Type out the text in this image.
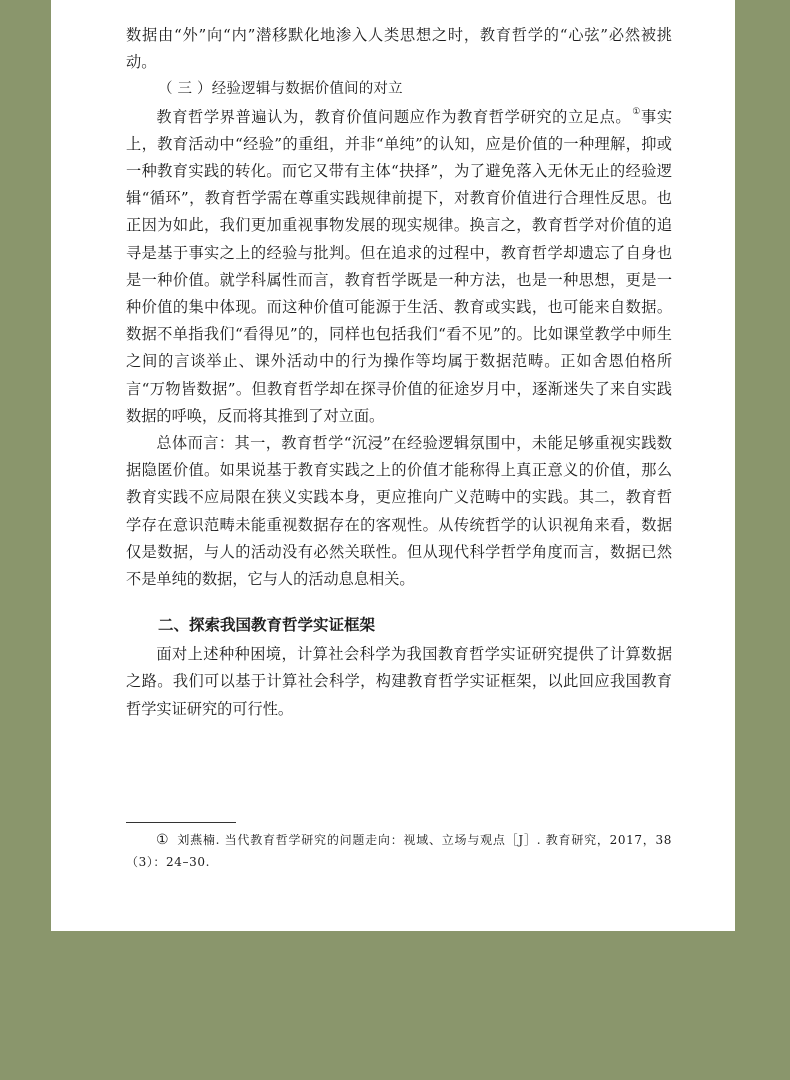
数据由“外”向“内”潜移默化地渗入人类思想之时，教育哲学的“心弦”必然被挑动。

（ 三 ）经验逻辑与数据价值间的对立

教育哲学界普遍认为，教育价值问题应作为教育哲学研究的立足点。①事实上，教育活动中“经验”的重组，并非“单纯”的认知，应是价值的一种理解，抑或一种教育实践的转化。而它又带有主体“抉择”，为了避免落入无休无止的经验逻辑“循环”，教育哲学需在尊重实践规律前提下，对教育价值进行合理性反思。也正因为如此，我们更加重视事物发展的现实规律。换言之，教育哲学对价值的追寻是基于事实之上的经验与批判。但在追求的过程中，教育哲学却遗忘了自身也是一种价值。就学科属性而言，教育哲学既是一种方法，也是一种思想，更是一种价值的集中体现。而这种价值可能源于生活、教育或实践，也可能来自数据。数据不单指我们“看得见”的，同样也包括我们“看不见”的。比如课堂教学中师生之间的言谈举止、课外活动中的行为操作等均属于数据范畴。正如舍恩伯格所言“万物皆数据”。但教育哲学却在探寻价值的征途岁月中，逐渐迷失了来自实践数据的呼唤，反而将其推到了对立面。

总体而言：其一，教育哲学“沉浸”在经验逻辑氛围中，未能足够重视实践数据隐匿价值。如果说基于教育实践之上的价值才能称得上真正意义的价值，那么教育实践不应局限在狭义实践本身，更应推向广义范畴中的实践。其二，教育哲学存在意识范畴未能重视数据存在的客观性。从传统哲学的认识视角来看，数据仅是数据，与人的活动没有必然关联性。但从现代科学哲学角度而言，数据已然不是单纯的数据，它与人的活动息息相关。

二、探索我国教育哲学实证框架

面对上述种种困境，计算社会科学为我国教育哲学实证研究提供了计算数据之路。我们可以基于计算社会科学，构建教育哲学实证框架，以此回应我国教育哲学实证研究的可行性。

① 刘燕楠. 当代教育哲学研究的问题走向：视域、立场与观点［J］. 教育研究，2017，38（3）：24–30.
